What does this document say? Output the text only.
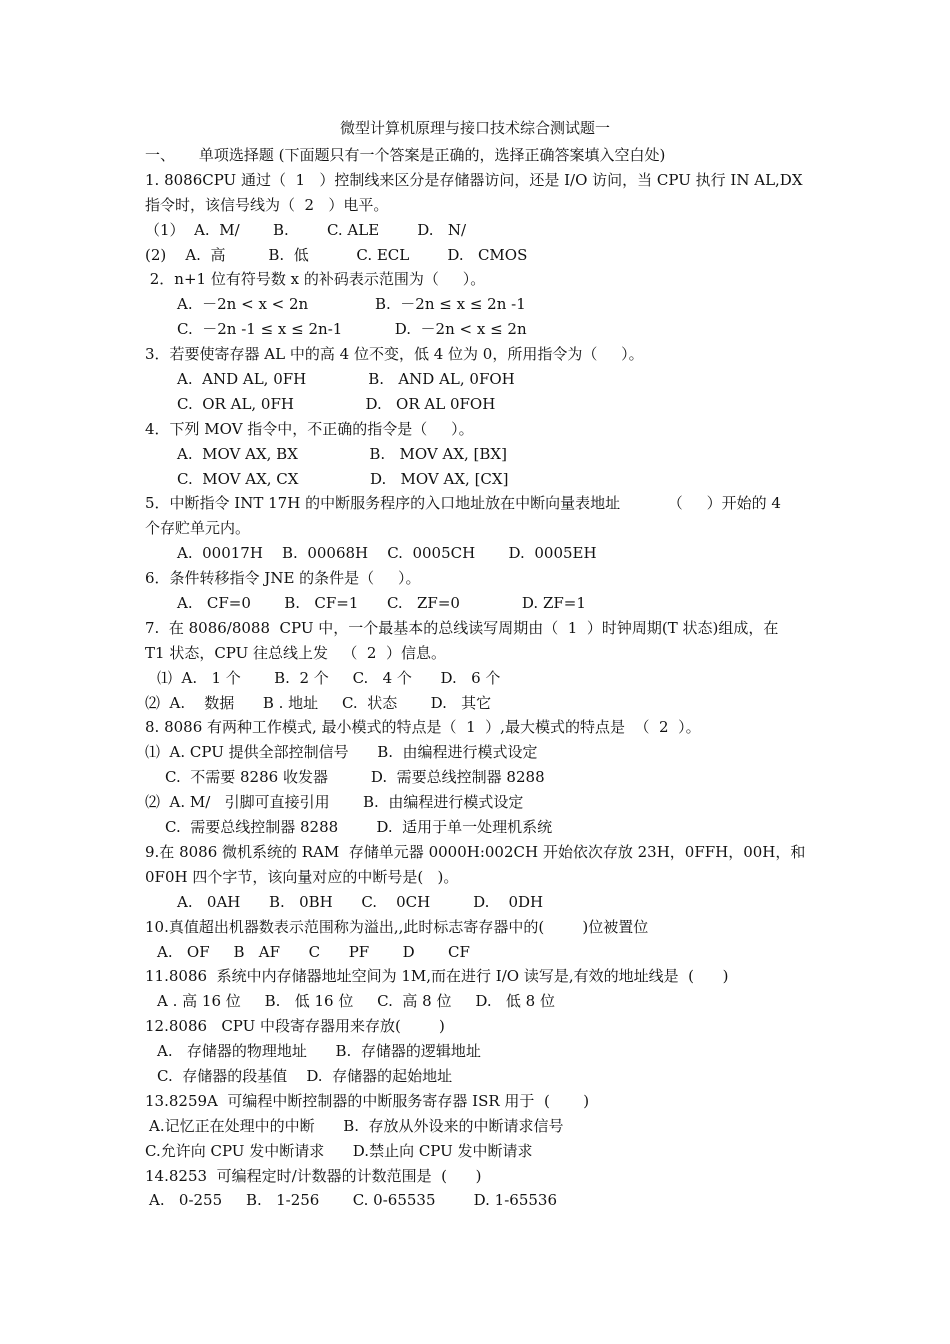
微型计算机原理与接口技术综合测试题一
一、     单项选择题 (下面题只有一个答案是正确的，选择正确答案填入空白处)
1. 8086CPU 通过（  1   ）控制线来区分是存储器访问，还是 I/O 访问，当 CPU 执行 IN AL,DX
指令时，该信号线为（  2   ）电平。
（1）  A.  M/       B.        C. ALE        D.   N/
(2)    A.  高         B.  低          C. ECL        D.   CMOS
2．n+1 位有符号数 x 的补码表示范围为（     ）。
A.  －2n < x < 2n              B.  －2n ≤ x ≤ 2n -1
C.  －2n -1 ≤ x ≤ 2n-1           D.  －2n < x ≤ 2n
3．若要使寄存器 AL 中的高 4 位不变，低 4 位为 0，所用指令为（     ）。
A.  AND AL, 0FH             B.   AND AL, 0FOH
C.  OR AL, 0FH               D.   OR AL 0FOH
4．下列 MOV 指令中，不正确的指令是（     ）。
A.  MOV AX, BX               B.   MOV AX, [BX]
C.  MOV AX, CX               D.   MOV AX, [CX]
5．中断指令 INT 17H 的中断服务程序的入口地址放在中断向量表地址          （     ）开始的 4
个存贮单元内。
A.  00017H    B.  00068H    C.  0005CH       D.  0005EH
6．条件转移指令 JNE 的条件是（     ）。
A.   CF=0       B.   CF=1      C.   ZF=0             D. ZF=1
7.  在 8086/8088  CPU 中，一个最基本的总线读写周期由（  1  ）时钟周期(T 状态)组成，在
T1 状态，CPU 往总线上发   （  2  ）信息。
⑴  A.   1 个       B.  2 个     C.   4 个      D.   6 个
⑵  A.    数据      B . 地址     C.  状态       D.   其它
8. 8086 有两种工作模式, 最小模式的特点是（  1  ）,最大模式的特点是  （  2  ）。
⑴  A. CPU 提供全部控制信号      B.  由编程进行模式设定
C.  不需要 8286 收发器         D.  需要总线控制器 8288
⑵  A. M/   引脚可直接引用       B.  由编程进行模式设定
C.  需要总线控制器 8288        D.  适用于单一处理机系统
9.在 8086 微机系统的 RAM  存储单元器 0000H:002CH 开始依次存放 23H，0FFH，00H，和
0F0H 四个字节，该向量对应的中断号是(   )。
A.   0AH      B.   0BH      C.    0CH         D.    0DH
10.真值超出机器数表示范围称为溢出,,此时标志寄存器中的(        )位被置位
A.   OF     B   AF      C      PF       D       CF
11.8086  系统中内存储器地址空间为 1M,而在进行 I/O 读写是,有效的地址线是  (      )
A . 高 16 位     B.   低 16 位     C.  高 8 位     D.   低 8 位
12.8086   CPU 中段寄存器用来存放(        )
A.   存储器的物理地址      B.  存储器的逻辑地址
C.  存储器的段基值    D.  存储器的起始地址
13.8259A  可编程中断控制器的中断服务寄存器 ISR 用于  (       )
A.记忆正在处理中的中断      B.  存放从外设来的中断请求信号
C.允许向 CPU 发中断请求      D.禁止向 CPU 发中断请求
14.8253  可编程定时/计数器的计数范围是  (      )
A.   0-255     B.   1-256       C. 0-65535        D. 1-65536
